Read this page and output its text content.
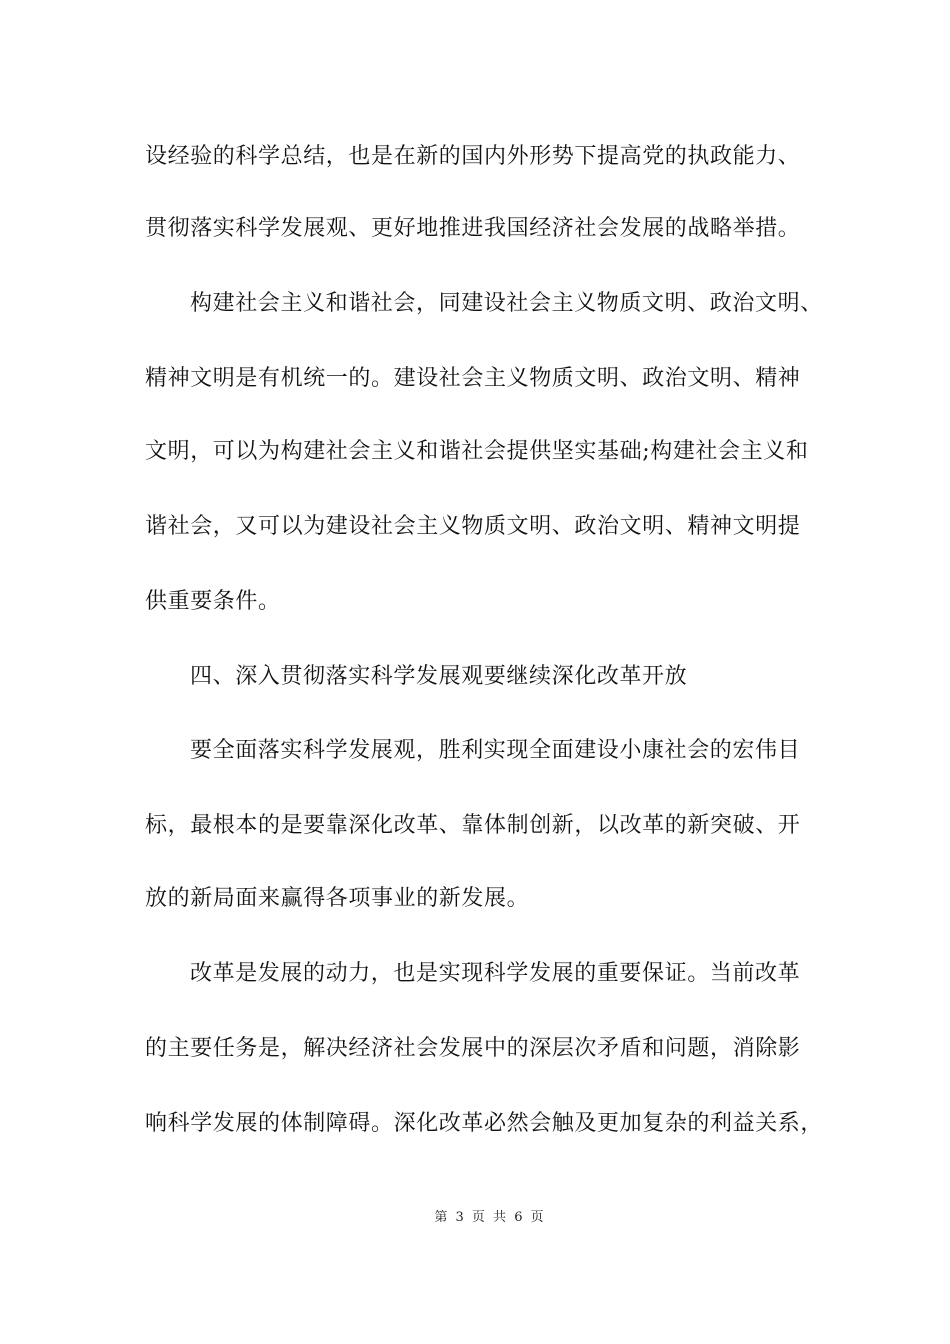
设经验的科学总结，也是在新的国内外形势下提高党的执政能力、
贯彻落实科学发展观、更好地推进我国经济社会发展的战略举措。
构建社会主义和谐社会，同建设社会主义物质文明、政治文明、
精神文明是有机统一的。建设社会主义物质文明、政治文明、精神
文明，可以为构建社会主义和谐社会提供坚实基础;构建社会主义和
谐社会，又可以为建设社会主义物质文明、政治文明、精神文明提
供重要条件。
四、深入贯彻落实科学发展观要继续深化改革开放
要全面落实科学发展观，胜利实现全面建设小康社会的宏伟目
标，最根本的是要靠深化改革、靠体制创新，以改革的新突破、开
放的新局面来赢得各项事业的新发展。
改革是发展的动力，也是实现科学发展的重要保证。当前改革
的主要任务是，解决经济社会发展中的深层次矛盾和问题，消除影
响科学发展的体制障碍。深化改革必然会触及更加复杂的利益关系，
第 3 页 共 6 页
